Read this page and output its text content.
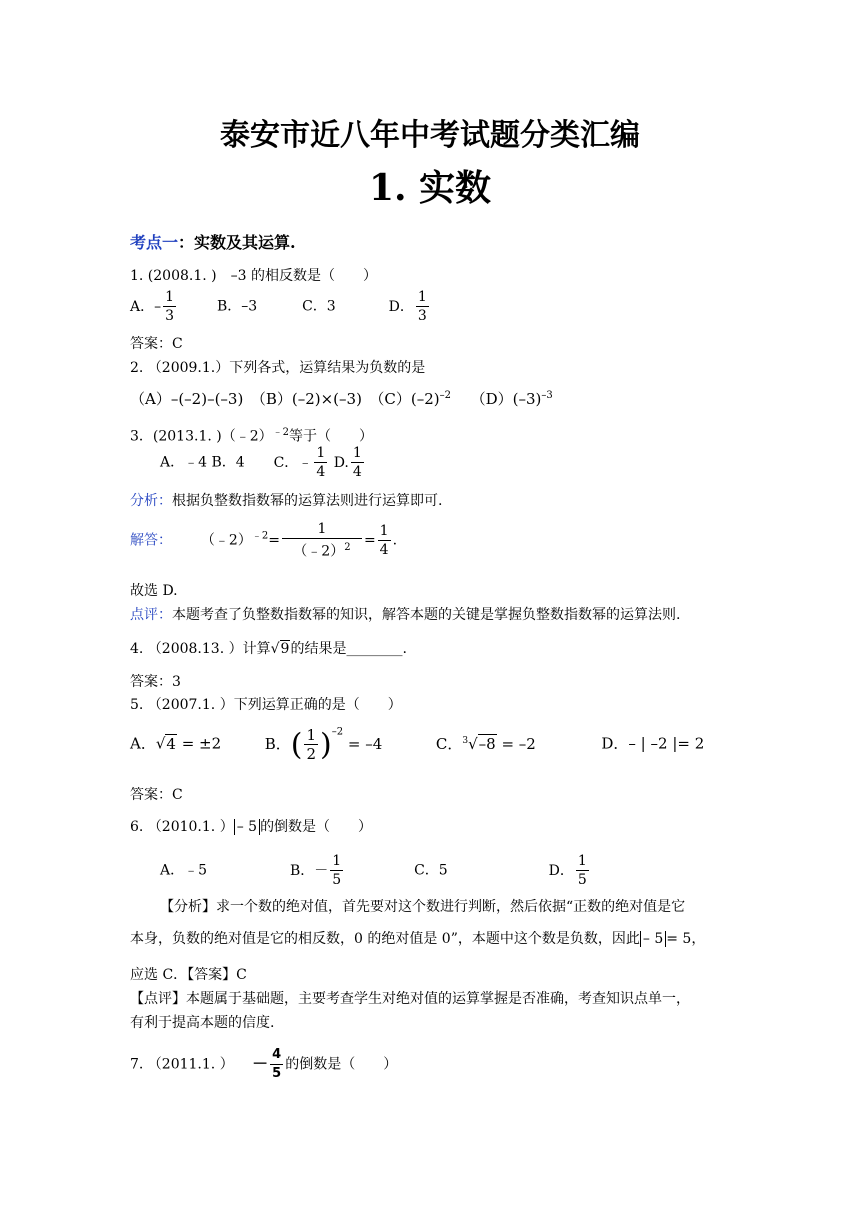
泰安市近八年中考试题分类汇编
1. 实数
考点一：实数及其运算.
1. (2008.1. )　–3 的相反数是（　　）
A．– $\frac{1}{3}$	B．–3	C．3	D． $\frac{1}{3}$
答案：C
2. （2009.1.）下列各式，运算结果为负数的是
（A）–(–2)–(–3)　（B）(–2)×(–3)　$(C)(-2)^{-2}$ $(D)(-3)^{-3}$
3．(2013.1. )（﹣2）$^{﹣2}$等于（　　）
A．﹣4 B．4 C．﹣ $\frac{1}{4} D$. $\frac{1}{4}$
分析：根据负整数指数幂的运算法则进行运算即可.
解答： （﹣2）$^{﹣2}$= $\frac{1}{(﹣2)^2} = \frac{1}{4}$ .
故选 D.
点评：本题考查了负整数指数幂的知识，解答本题的关键是掌握负整数指数幂的运算法则.
4. （2008.13. ）计算√9的结果是________.
答案：3
5. （2007.1. ）下列运算正确的是（　　）
A．√4 = ±2	B．( $\frac{1}{2} )^{-2} = -4$	C．$^3$√–8 = –2	D．– | –2 |= 2
答案：C
6. （2010.1. ） – 5 的倒数是（　　）
A．﹣5	B．－ $\frac{1}{5}$	C．5	D． $\frac{1}{5}$
【分析】求一个数的绝对值，首先要对这个数进行判断，然后依据“正数的绝对值是它
本身，负数的绝对值是它的相反数，0 的绝对值是 0”，本题中这个数是负数，因此 – 5 = 5，
应选 C．【答案】C
【点评】本题属于基础题，主要考查学生对绝对值的运算掌握是否准确，考查知识点单一，
有利于提高本题的信度.
7. （2011.1. ） － $\frac{4}{5}$ 的倒数是（　　）
